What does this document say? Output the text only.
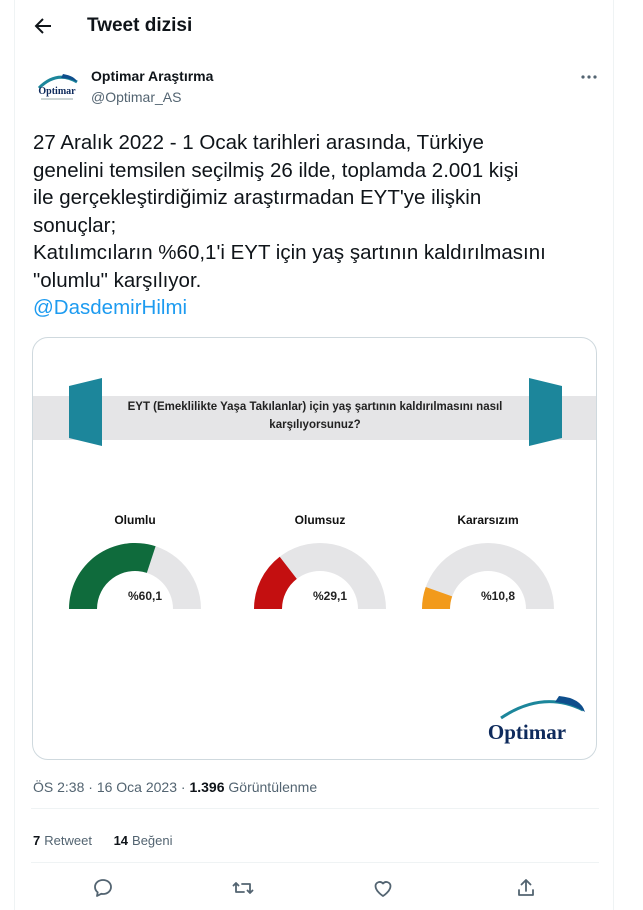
Tweet dizisi
Optimar
Optimar Araştırma
@Optimar_AS
27 Aralık 2022 - 1 Ocak tarihleri arasında, Türkiye
genelini temsilen seçilmiş 26 ilde, toplamda 2.001 kişi
ile gerçekleştirdiğimiz araştırmadan EYT'ye ilişkin
sonuçlar;
Katılımcıların %60,1'i EYT için yaş şartının kaldırılmasını
"olumlu" karşılıyor.
@DasdemirHilmi
EYT (Emeklilikte Yaşa Takılanlar) için yaş şartının kaldırılmasını nasıl
karşılıyorsunuz?
Olumlu
%60,1
Olumsuz
%29,1
Kararsızım
%10,8
Optimar
ÖS 2:38 · 16 Oca 2023 · 1.396 Görüntülenme
7 Retweet 14 Beğeni
